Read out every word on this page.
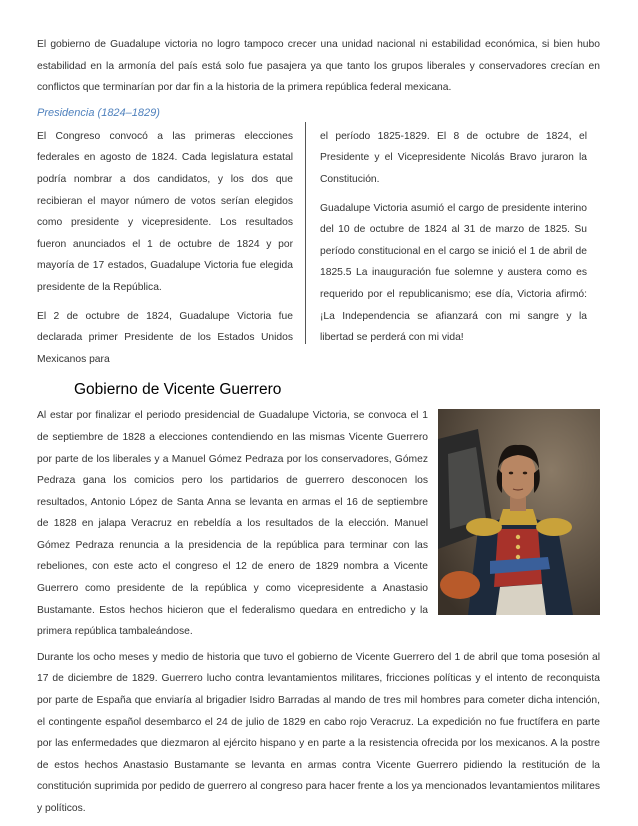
El gobierno de Guadalupe victoria no logro tampoco crecer una unidad nacional ni estabilidad económica, si bien hubo estabilidad en la armonía del país está solo fue pasajera ya que tanto los grupos liberales y conservadores crecían en conflictos que terminarían por dar fin a la historia de la primera república federal mexicana.

Presidencia (1824–1829)

El Congreso convocó a las primeras elecciones federales en agosto de 1824. Cada legislatura estatal podría nombrar a dos candidatos, y los dos que recibieran el mayor número de votos serían elegidos como presidente y vicepresidente. Los resultados fueron anunciados el 1 de octubre de 1824 y por mayoría de 17 estados, Guadalupe Victoria fue elegida presidente de la República.

El 2 de octubre de 1824, Guadalupe Victoria fue declarada primer Presidente de los Estados Unidos Mexicanos para

el período 1825-1829. El 8 de octubre de 1824, el Presidente y el Vicepresidente Nicolás Bravo juraron la Constitución.

Guadalupe Victoria asumió el cargo de presidente interino del 10 de octubre de 1824 al 31 de marzo de 1825. Su período constitucional en el cargo se inició el 1 de abril de 1825.5 La inauguración fue solemne y austera como es requerido por el republicanismo; ese día, Victoria afirmó: ¡La Independencia se afianzará con mi sangre y la libertad se perderá con mi vida!

Gobierno de Vicente Guerrero

Al estar por finalizar el periodo presidencial de Guadalupe Victoria, se convoca el 1 de septiembre de 1828 a elecciones contendiendo en las mismas Vicente Guerrero por parte de los liberales y a Manuel Gómez Pedraza por los conservadores, Gómez Pedraza gana los comicios pero los partidarios de guerrero desconocen los resultados, Antonio López de Santa Anna se levanta en armas el 16 de septiembre de 1828 en jalapa Veracruz en rebeldía a los resultados de la elección. Manuel Gómez Pedraza renuncia a la presidencia de la república para terminar con las rebeliones, con este acto el congreso el 12 de enero de 1829 nombra a Vicente Guerrero como presidente de la república y como vicepresidente a Anastasio Bustamante. Estos hechos hicieron que el federalismo quedara en entredicho y la primera república tambaleándose.

Durante los ocho meses y medio de historia que tuvo el gobierno de Vicente Guerrero del 1 de abril que toma posesión al 17 de diciembre de 1829. Guerrero lucho contra levantamientos militares, fricciones políticas y el intento de reconquista por parte de España que enviaría al brigadier Isidro Barradas al mando de tres mil hombres para cometer dicha intención, el contingente español desembarco el 24 de julio de 1829 en cabo rojo Veracruz. La expedición no fue fructífera en parte por las enfermedades que diezmaron al ejército hispano y en parte a la resistencia ofrecida por los mexicanos. A la postre de estos hechos Anastasio Bustamante se levanta en armas contra Vicente Guerrero pidiendo la restitución de la constitución suprimida por pedido de guerrero al congreso para hacer frente a los ya mencionados levantamientos militares y políticos.
